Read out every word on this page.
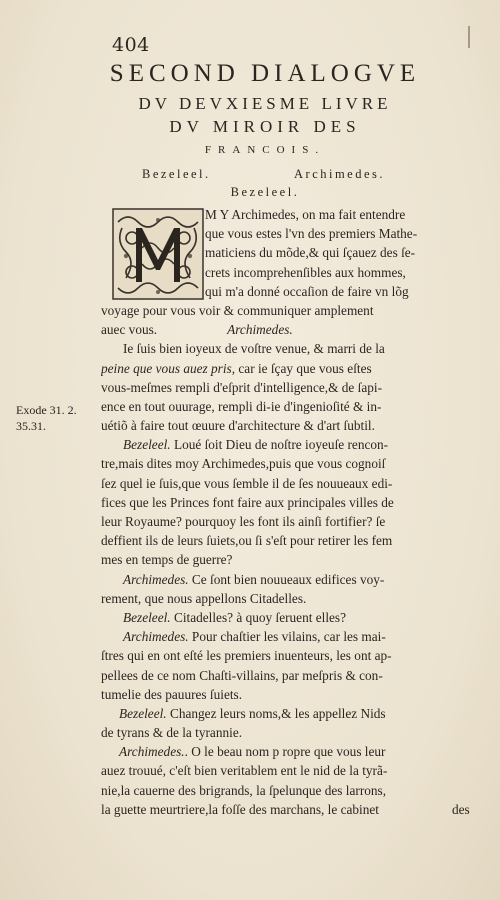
404
SECOND DIALOGVE
DV DEVXIESME LIVRE
DV MIROIR DES
FRANCOIS.
Bezeleel.	Archimedes.
Bezeleel.
Exode 31. 2.
35.31.
M Y Archimedes, on ma fait entendre
que vous estes l'vn des premiers Mathe-
maticiens du mõde,& qui ſçauez des ſe-
crets incomprehenſibles aux hommes,
qui m'a donné occaſion de faire vn lõg
voyage pour vous voir & communiquer amplement
auec vous.	Archimedes.
Ie ſuis bien ioyeux de voſtre venue, & marri de la
peine que vous auez pris, car ie ſçay que vous eſtes
vous-meſmes rempli d'eſprit d'intelligence,& de ſapi-
ence en tout ouurage, rempli di-ie d'ingenioſité & in-
uétiõ à faire tout œuure d'architecture & d'art ſubtil.
Bezeleel. Loué ſoit Dieu de noſtre ioyeuſe rencon-
tre,mais dites moy Archimedes,puis que vous cognoiſ
ſez quel ie ſuis,que vous ſemble il de ſes nouueaux edi-
fices que les Princes font faire aux principales villes de
leur Royaume? pourquoy les font ils ainſi fortifier? ſe
deffient ils de leurs ſuiets,ou ſi s'eſt pour retirer les fem
mes en temps de guerre?
Archimedes. Ce ſont bien nouueaux edifices voy-
rement, que nous appellons Citadelles.
Bezeleel. Citadelles? à quoy ſeruent elles?
Archimedes. Pour chaſtier les vilains, car les mai-
ſtres qui en ont eſté les premiers inuenteurs, les ont ap-
pellees de ce nom Chaſti-villains, par meſpris & con-
tumelie des pauures ſuiets.
Bezeleel. Changez leurs noms,& les appellez Nids
de tyrans & de la tyrannie.
Archimedes.. O le beau nom p ropre que vous leur
auez trouué, c'eſt bien veritablem ent le nid de la tyrã-
nie,la cauerne des brigrands, la ſpelunque des larrons,
la guette meurtriere,la foſſe des marchans, le cabinet	des
